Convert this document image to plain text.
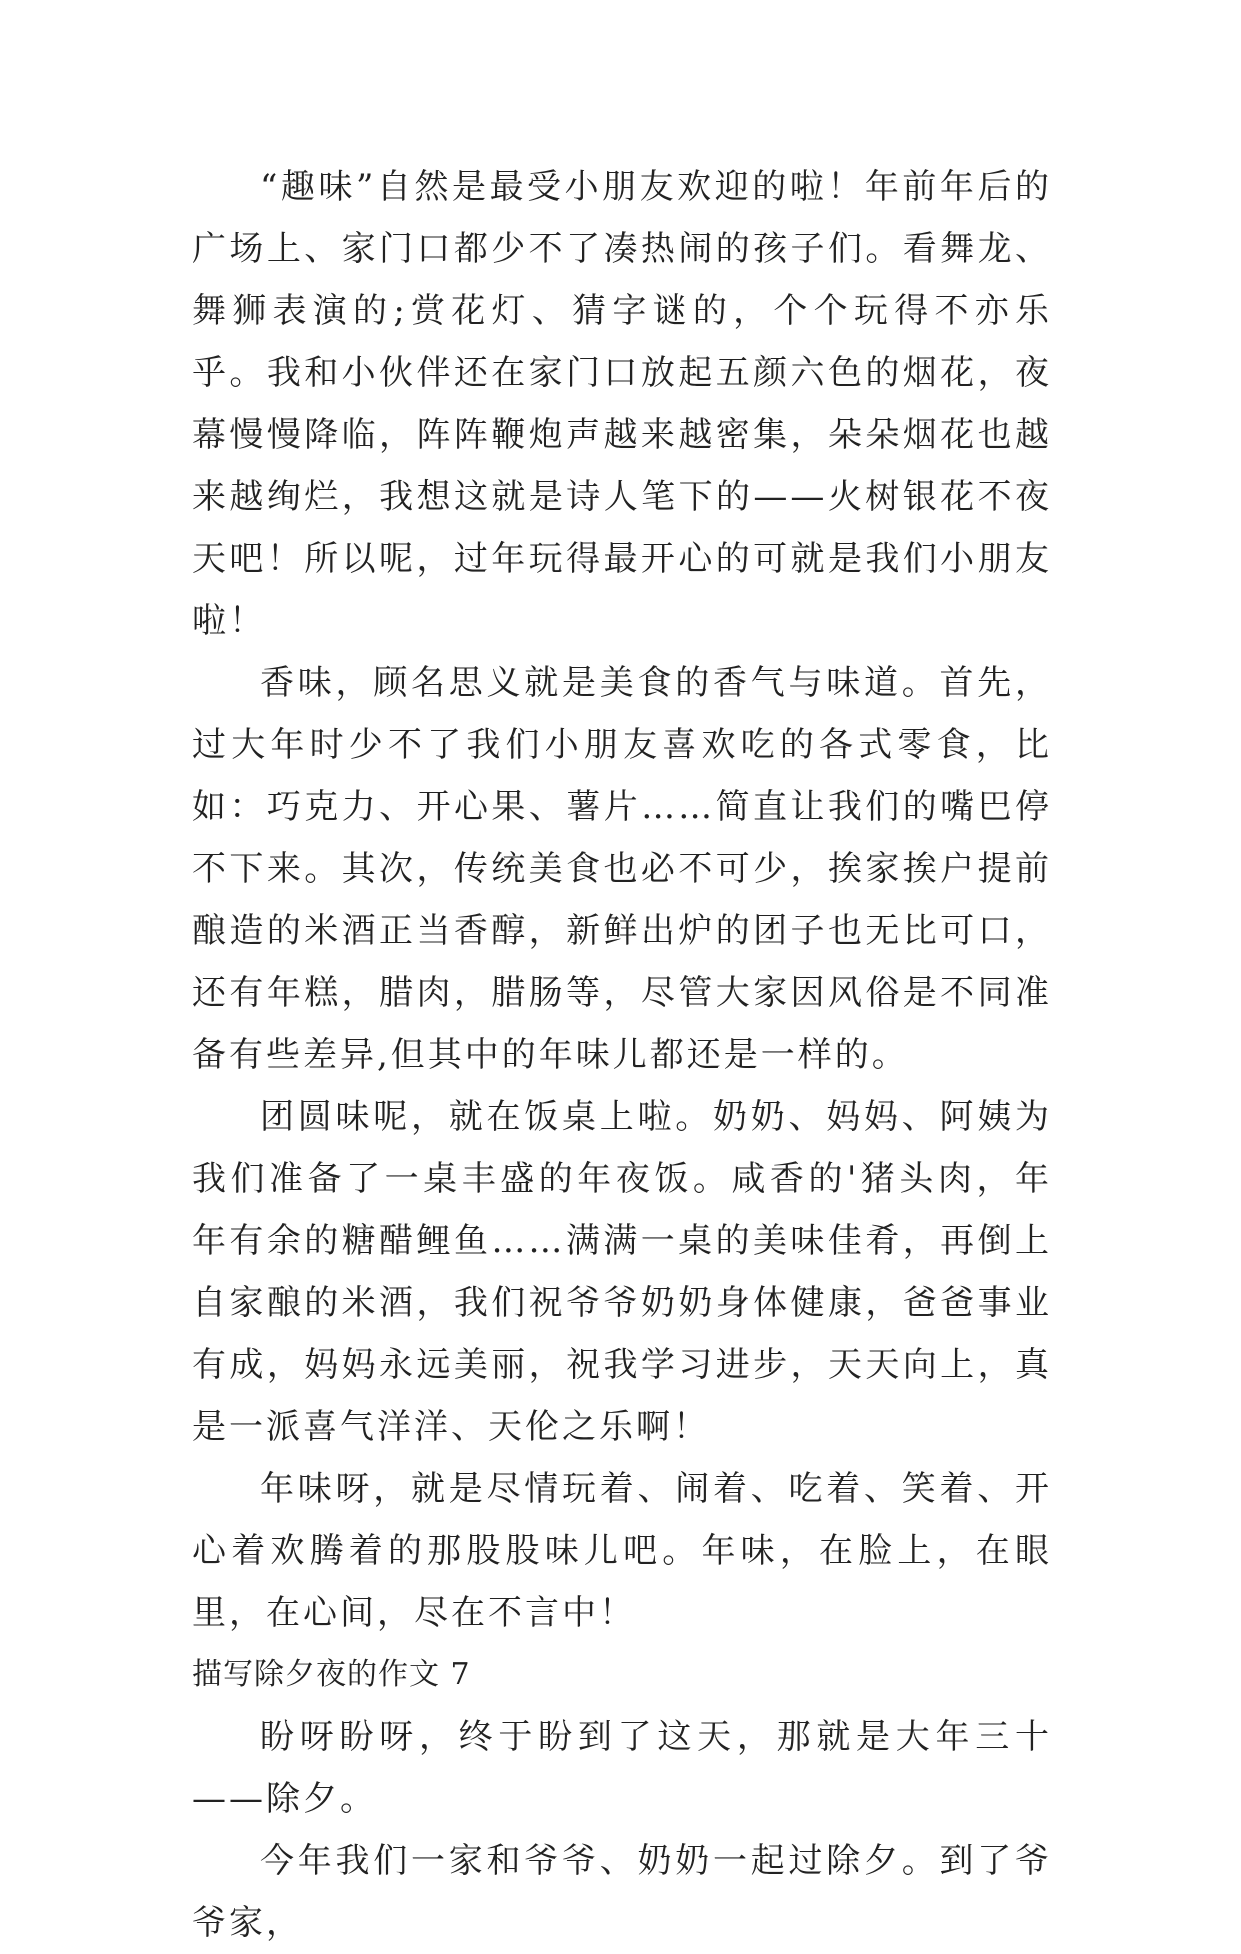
“趣味”自然是最受小朋友欢迎的啦！年前年后的广场上、家门口都少不了凑热闹的孩子们。看舞龙、舞狮表演的;赏花灯、猜字谜的，个个玩得不亦乐乎。我和小伙伴还在家门口放起五颜六色的烟花，夜幕慢慢降临，阵阵鞭炮声越来越密集，朵朵烟花也越来越绚烂，我想这就是诗人笔下的——火树银花不夜天吧！所以呢，过年玩得最开心的可就是我们小朋友啦！

香味，顾名思义就是美食的香气与味道。首先，过大年时少不了我们小朋友喜欢吃的各式零食，比如：巧克力、开心果、薯片……简直让我们的嘴巴停不下来。其次，传统美食也必不可少，挨家挨户提前酿造的米酒正当香醇，新鲜出炉的团子也无比可口，还有年糕，腊肉，腊肠等，尽管大家因风俗是不同准备有些差异,但其中的年味儿都还是一样的。

团圆味呢，就在饭桌上啦。奶奶、妈妈、阿姨为我们准备了一桌丰盛的年夜饭。咸香的'猪头肉，年年有余的糖醋鲤鱼……满满一桌的美味佳肴，再倒上自家酿的米酒，我们祝爷爷奶奶身体健康，爸爸事业有成，妈妈永远美丽，祝我学习进步，天天向上，真是一派喜气洋洋、天伦之乐啊！

年味呀，就是尽情玩着、闹着、吃着、笑着、开心着欢腾着的那股股味儿吧。年味，在脸上，在眼里，在心间，尽在不言中！

描写除夕夜的作文 7

盼呀盼呀，终于盼到了这天，那就是大年三十——除夕。

今年我们一家和爷爷、奶奶一起过除夕。到了爷爷家，
